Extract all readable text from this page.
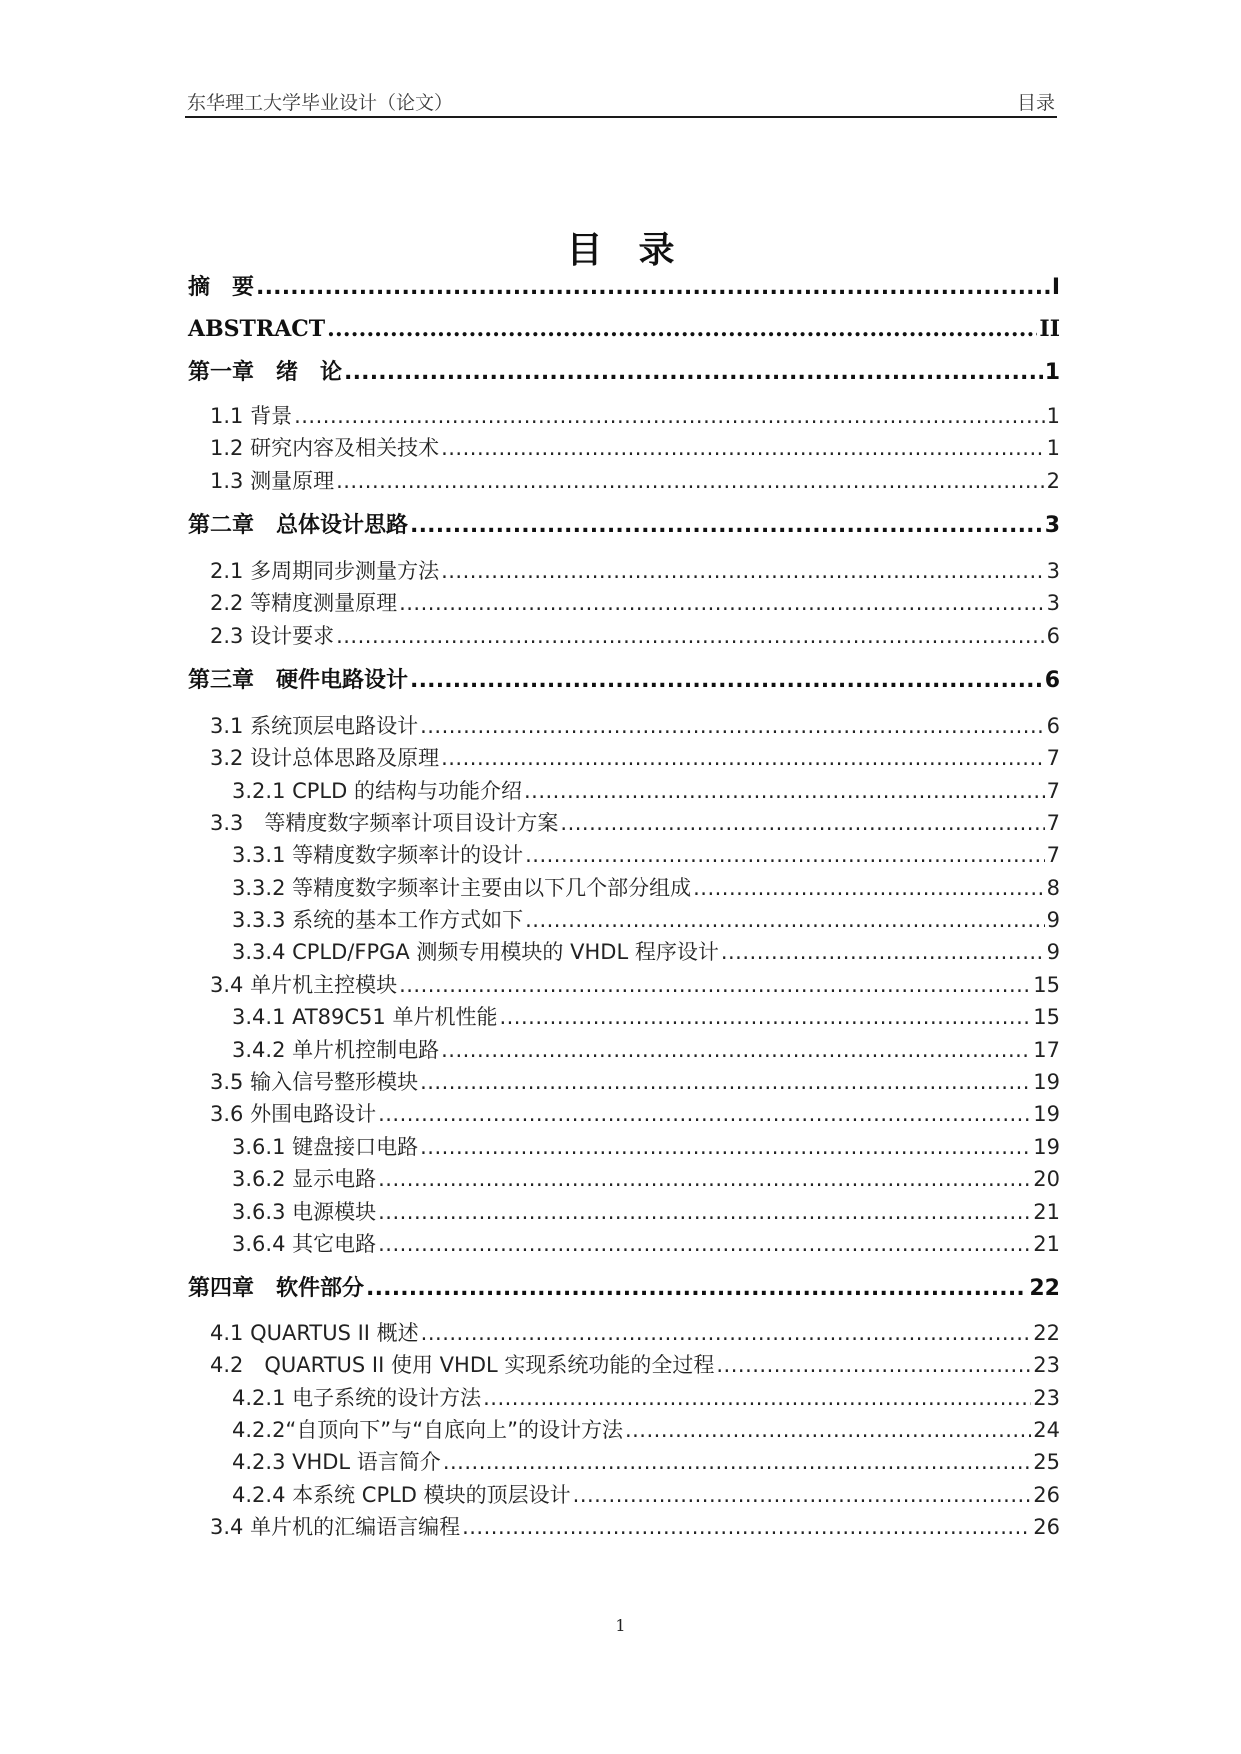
东华理工大学毕业设计（论文）	目录
目　录
摘　要 .....	I
ABSTRACT .....	II
第一章　绪　论 .....	1
1.1 背景 .....	1
1.2 研究内容及相关技术 .....	1
1.3 测量原理 .....	2
第二章　总体设计思路 .....	3
2.1 多周期同步测量方法 .....	3
2.2 等精度测量原理 .....	3
2.3 设计要求 .....	6
第三章　硬件电路设计 .....	6
3.1 系统顶层电路设计 .....	6
3.2 设计总体思路及原理 .....	7
3.2.1 CPLD 的结构与功能介绍 .....	7
3.3　等精度数字频率计项目设计方案 .....	7
3.3.1 等精度数字频率计的设计 .....	7
3.3.2 等精度数字频率计主要由以下几个部分组成 .....	8
3.3.3 系统的基本工作方式如下 .....	9
3.3.4 CPLD/FPGA 测频专用模块的 VHDL 程序设计 .....	9
3.4 单片机主控模块 .....	15
3.4.1 AT89C51 单片机性能 .....	15
3.4.2 单片机控制电路 .....	17
3.5 输入信号整形模块 .....	19
3.6 外围电路设计 .....	19
3.6.1 键盘接口电路 .....	19
3.6.2 显示电路 .....	20
3.6.3 电源模块 .....	21
3.6.4 其它电路 .....	21
第四章　软件部分 .....	22
4.1 QUARTUS II 概述 .....	22
4.2　QUARTUS II 使用 VHDL 实现系统功能的全过程 .....	23
4.2.1 电子系统的设计方法 .....	23
4.2.2“自顶向下”与“自底向上”的设计方法 .....	24
4.2.3 VHDL 语言简介 .....	25
4.2.4 本系统 CPLD 模块的顶层设计 .....	26
3.4 单片机的汇编语言编程 .....	26
1
